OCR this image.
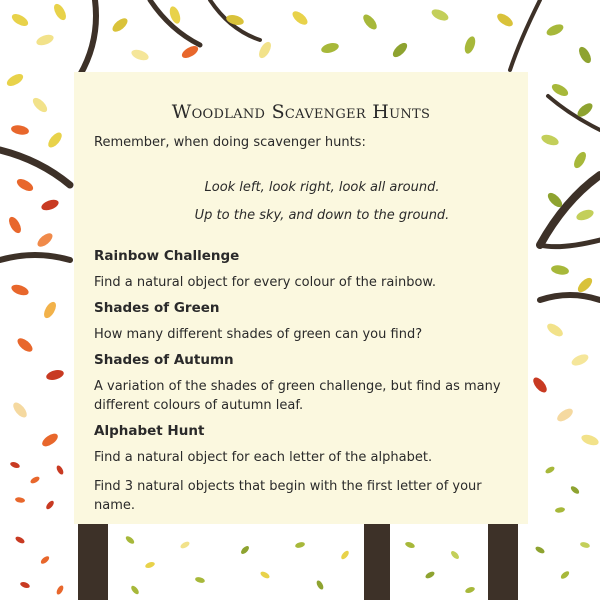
Woodland Scavenger Hunts

Remember, when doing scavenger hunts:

Look left, look right, look all around.
Up to the sky, and down to the ground.
Rainbow Challenge
Find a natural object for every colour of the rainbow.
Shades of Green
How many different shades of green can you find?
Shades of Autumn
A variation of the shades of green challenge, but find as many different colours of autumn leaf.
Alphabet Hunt
Find a natural object for each letter of the alphabet.
Find 3 natural objects that begin with the first letter of your name.
